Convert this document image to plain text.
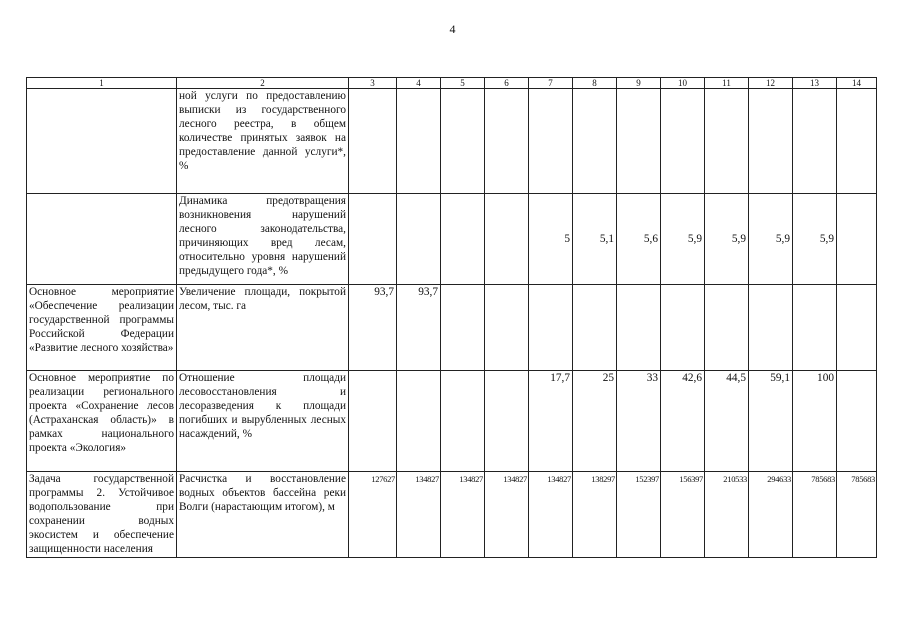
4
1	2	3	4	5	6	7	8	9	10	11	12	13	14
	ной услуги по предоставлению выписки из государственного лесного реестра, в общем количестве принятых заявок на предоставление данной услуги*, %												
	Динамика предотвращения возникновения нарушений лесного законодательства, причиняющих вред лесам, относительно уровня нарушений предыдущего года*, %					5	5,1	5,6	5,9	5,9	5,9	5,9	
Основное мероприятие «Обеспечение реализации государственной программы Российской Федерации «Развитие лесного хозяйства»	Увеличение площади, покрытой лесом, тыс. га	93,7	93,7										
Основное мероприятие по реализации регионального проекта «Сохранение лесов (Астраханская область)» в рамках национального проекта «Экология»	Отношение площади лесовосстановления и лесоразведения к площади погибших и вырубленных лесных насаждений, %					17,7	25	33	42,6	44,5	59,1	100	
Задача государственной программы 2. Устойчивое водопользование при сохранении водных экосистем и обеспечение защищенности населения	Расчистка и восстановление водных объектов бассейна реки Волги (нарастающим итогом), м	127627	134827	134827	134827	134827	138297	152397	156397	210533	294633	785683	785683
